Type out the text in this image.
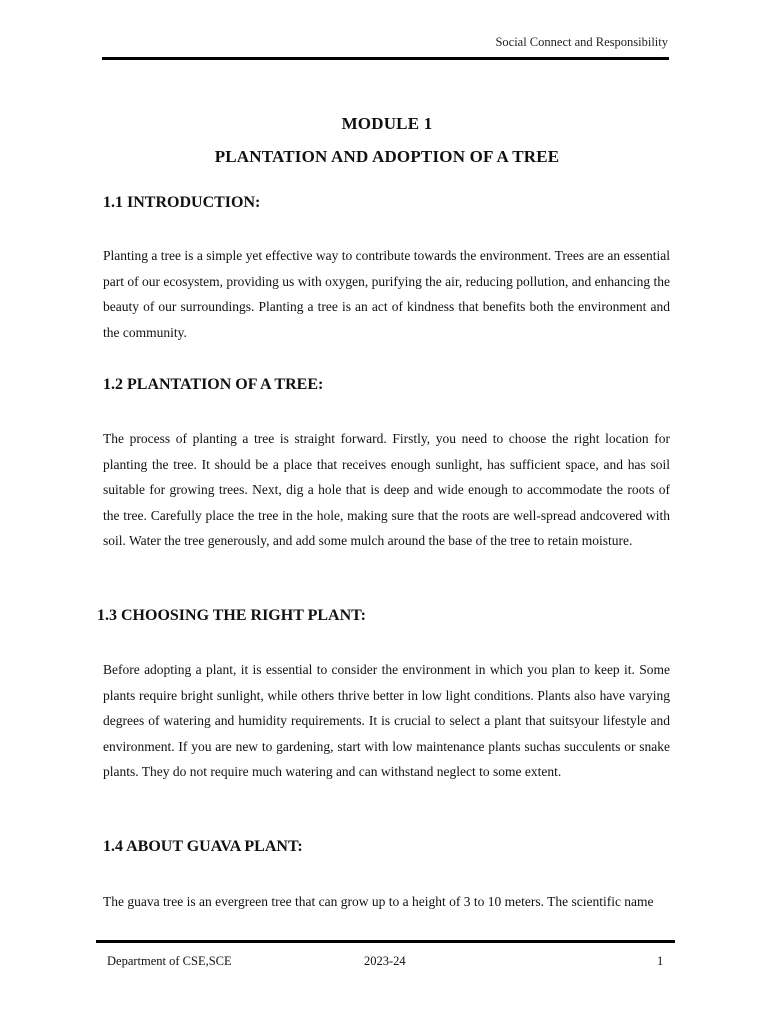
Social Connect and Responsibility
MODULE 1
PLANTATION AND ADOPTION OF A TREE
1.1 INTRODUCTION:
Planting a tree is a simple yet effective way to contribute towards the environment. Trees are an essential part of our ecosystem, providing us with oxygen, purifying the air, reducing pollution, and enhancing the beauty of our surroundings. Planting a tree is an act of kindness that benefits both the environment and the community.
1.2 PLANTATION OF A TREE:
The process of planting a tree is straight forward. Firstly, you need to choose the right location for planting the tree. It should be a place that receives enough sunlight, has sufficient space, and has soil suitable for growing trees. Next, dig a hole that is deep and wide enough to accommodate the roots of the tree. Carefully place the tree in the hole, making sure that the roots are well-spread andcovered with soil. Water the tree generously, and add some mulch around the base of the tree to retain moisture.
1.3 CHOOSING THE RIGHT PLANT:
Before adopting a plant, it is essential to consider the environment in which you plan to keep it. Some plants require bright sunlight, while others thrive better in low light conditions. Plants also have varying degrees of watering and humidity requirements. It is crucial to select a plant that suitsyour lifestyle and environment. If you are new to gardening, start with low maintenance plants suchas succulents or snake plants. They do not require much watering and can withstand neglect to some extent.
1.4 ABOUT GUAVA PLANT:
The guava tree is an evergreen tree that can grow up to a height of 3 to 10 meters. The scientific name
Department of CSE,SCE	2023-24	1
